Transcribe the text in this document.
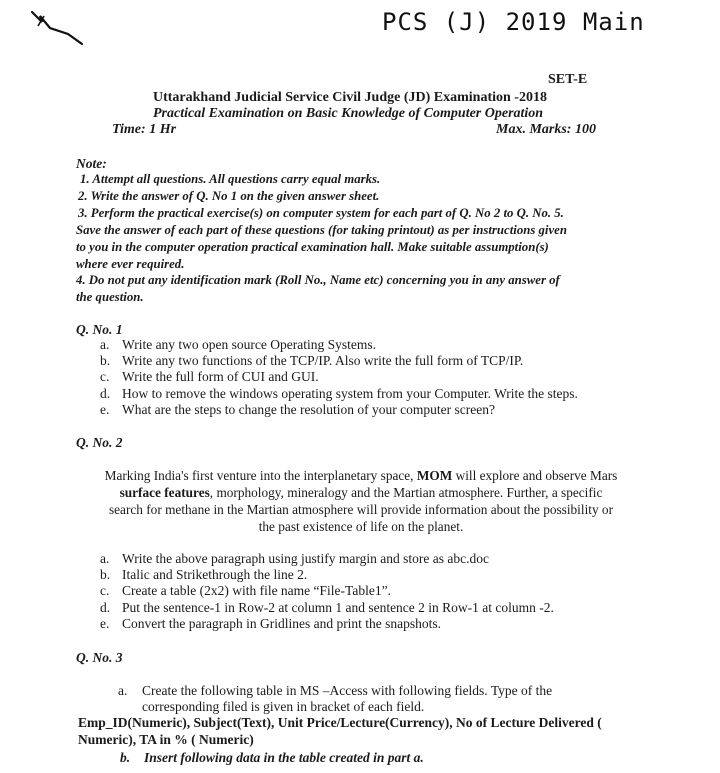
PCS (J) 2019 Main
SET-E
Uttarakhand Judicial Service Civil Judge (JD) Examination -2018
Practical Examination on Basic Knowledge of Computer Operation
Time: 1 Hr	Max. Marks: 100
Note:
1. Attempt all questions. All questions carry equal marks.
2. Write the answer of Q. No 1 on the given answer sheet.
3. Perform the practical exercise(s) on computer system for each part of Q. No 2 to Q. No. 5.
Save the answer of each part of these questions (for taking printout) as per instructions given
to you in the computer operation practical examination hall. Make suitable assumption(s)
where ever required.
4. Do not put any identification mark (Roll No., Name etc) concerning you in any answer of
the question.
Q. No. 1
a. Write any two open source Operating Systems.
b. Write any two functions of the TCP/IP. Also write the full form of TCP/IP.
c. Write the full form of CUI and GUI.
d. How to remove the windows operating system from your Computer. Write the steps.
e. What are the steps to change the resolution of your computer screen?
Q. No. 2
Marking India's first venture into the interplanetary space, MOM will explore and observe Mars
surface features, morphology, mineralogy and the Martian atmosphere. Further, a specific
search for methane in the Martian atmosphere will provide information about the possibility or
the past existence of life on the planet.
a. Write the above paragraph using justify margin and store as abc.doc
b. Italic and Strikethrough the line 2.
c. Create a table (2x2) with file name “File-Table1”.
d. Put the sentence-1 in Row-2 at column 1 and sentence 2 in Row-1 at column -2.
e. Convert the paragraph in Gridlines and print the snapshots.
Q. No. 3
a. Create the following table in MS –Access with following fields. Type of the
corresponding filed is given in bracket of each field.
Emp_ID(Numeric), Subject(Text), Unit Price/Lecture(Currency), No of Lecture Delivered (
Numeric), TA in % ( Numeric)
b. Insert following data in the table created in part a.
